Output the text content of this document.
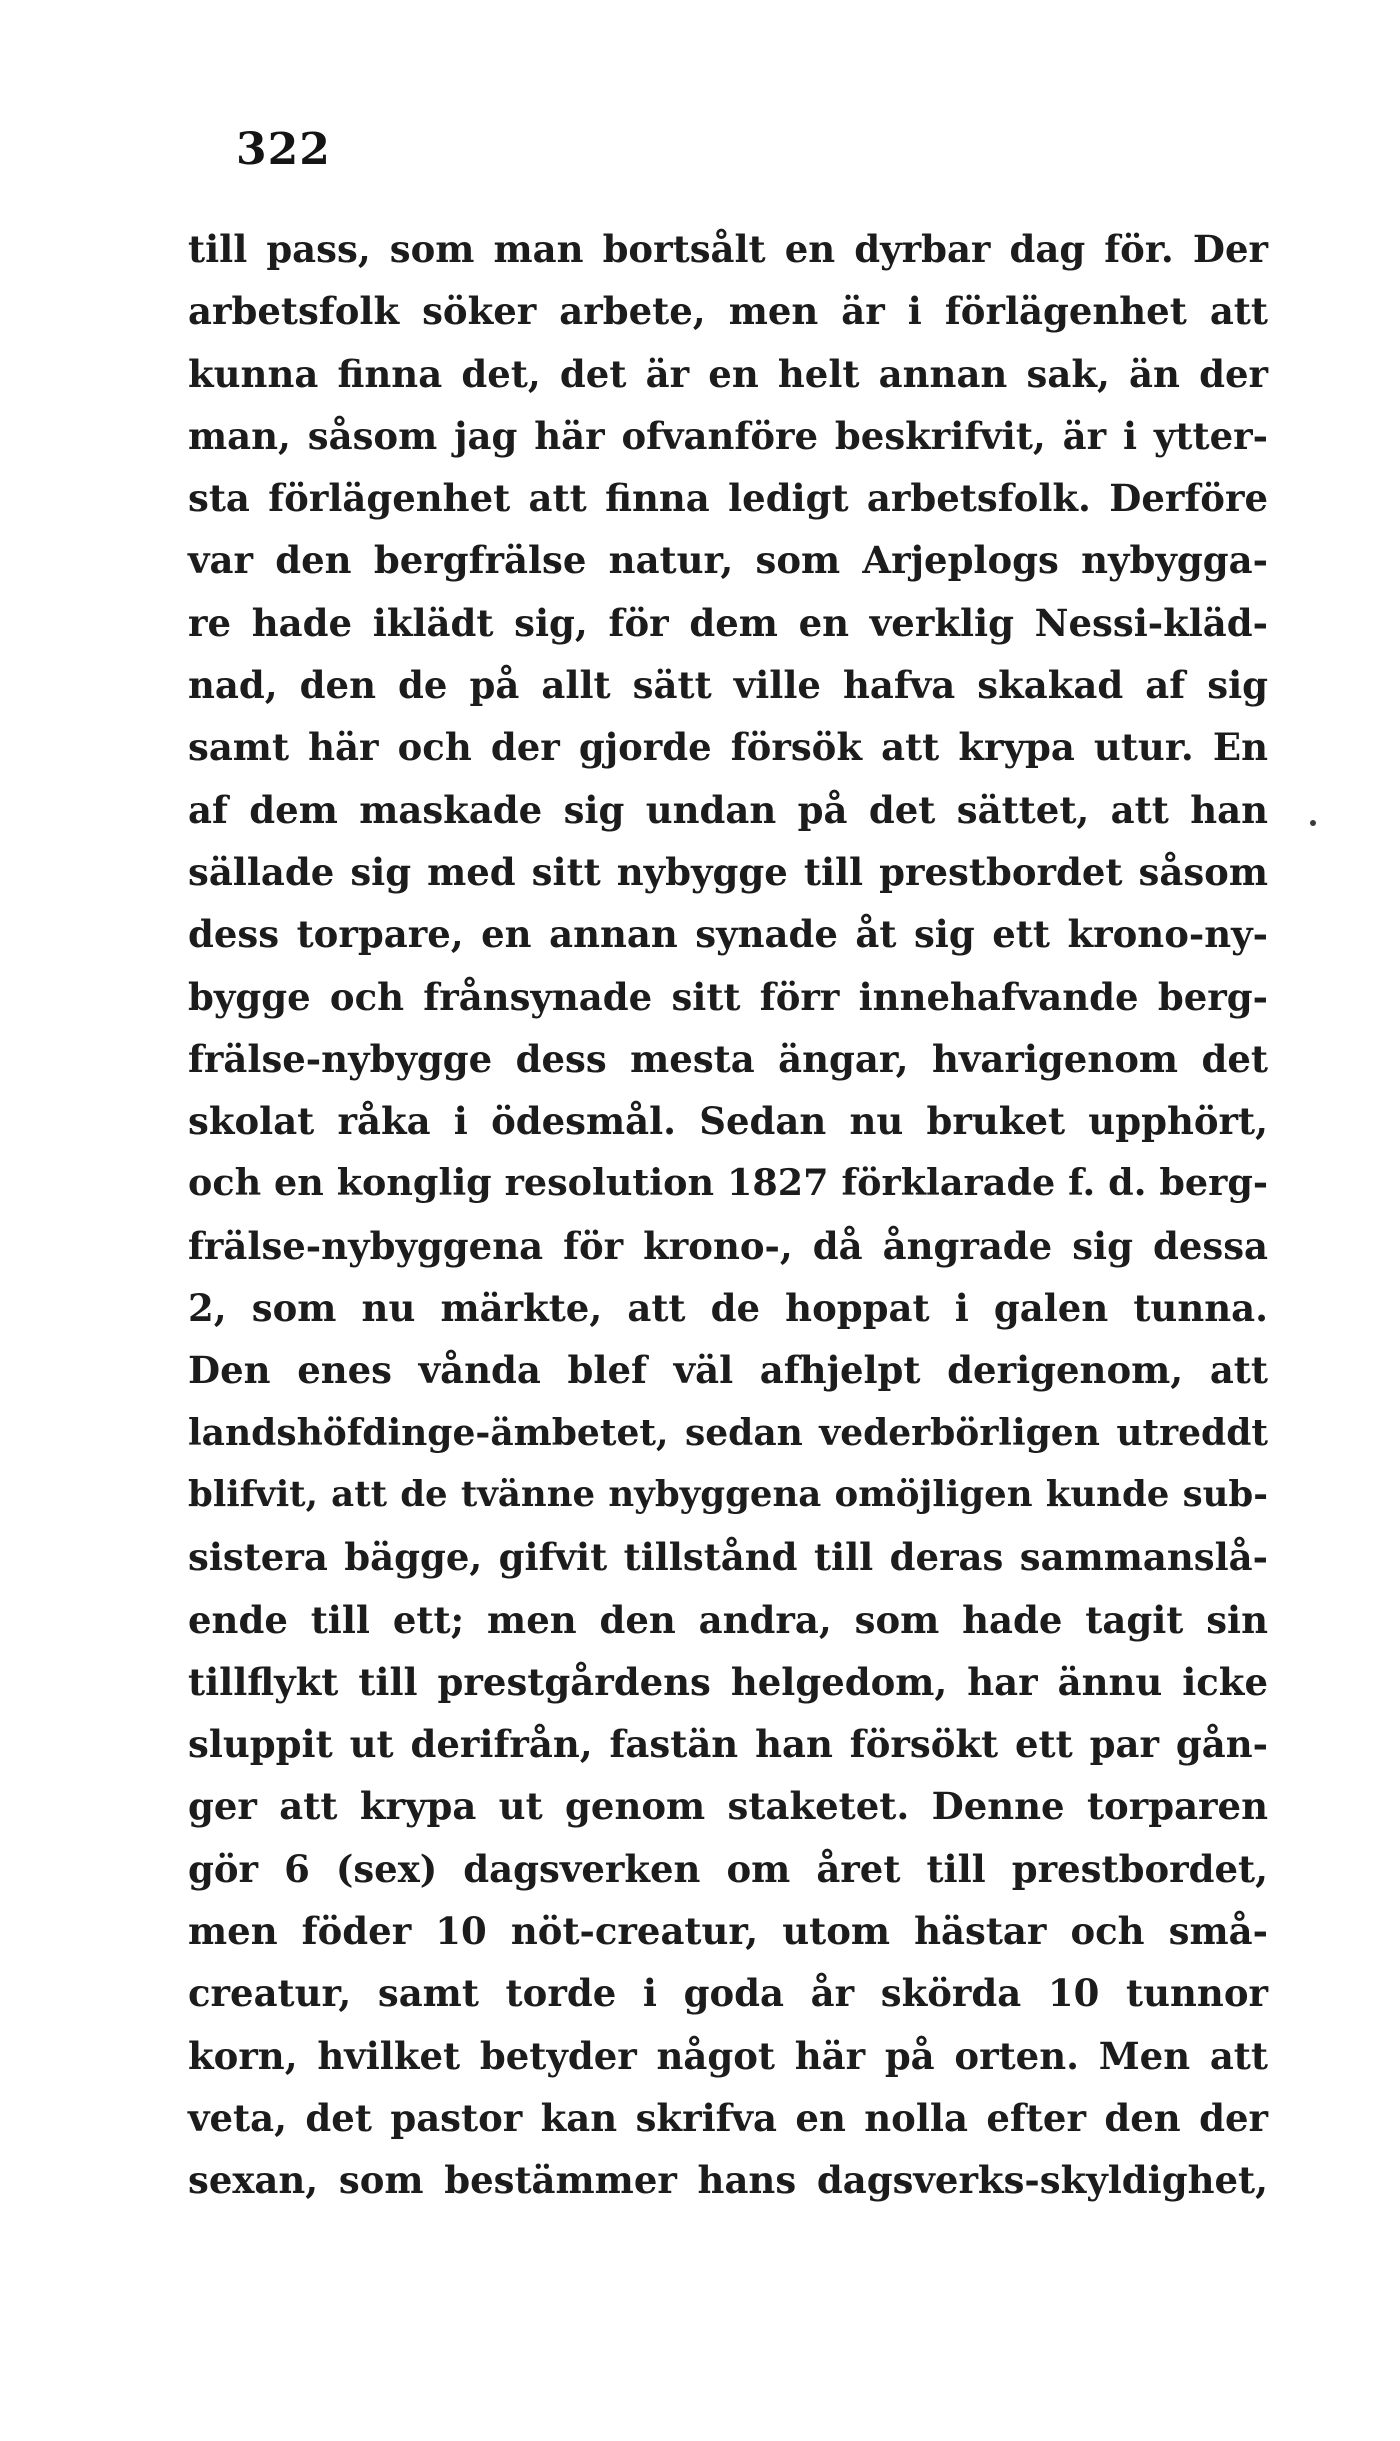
322
till pass, som man bortsålt en dyrbar dag för. Der
arbetsfolk söker arbete, men är i förlägenhet att
kunna finna det, det är en helt annan sak, än der
man, såsom jag här ofvanföre beskrifvit, är i ytter-
sta förlägenhet att finna ledigt arbetsfolk. Derföre
var den bergfrälse natur, som Arjeplogs nybygga-
re hade iklädt sig, för dem en verklig Nessi-kläd-
nad, den de på allt sätt ville hafva skakad af sig
samt här och der gjorde försök att krypa utur. En
af dem maskade sig undan på det sättet, att han
sällade sig med sitt nybygge till prestbordet såsom
dess torpare, en annan synade åt sig ett krono-ny-
bygge och frånsynade sitt förr innehafvande berg-
frälse-nybygge dess mesta ängar, hvarigenom det
skolat råka i ödesmål. Sedan nu bruket upphört,
och en konglig resolution 1827 förklarade f. d. berg-
frälse-nybyggena för krono-, då ångrade sig dessa
2, som nu märkte, att de hoppat i galen tunna.
Den enes vånda blef väl afhjelpt derigenom, att
landshöfdinge-ämbetet, sedan vederbörligen utreddt
blifvit, att de tvänne nybyggena omöjligen kunde sub-
sistera bägge, gifvit tillstånd till deras sammanslå-
ende till ett; men den andra, som hade tagit sin
tillflykt till prestgårdens helgedom, har ännu icke
sluppit ut derifrån, fastän han försökt ett par gån-
ger att krypa ut genom staketet. Denne torparen
gör 6 (sex) dagsverken om året till prestbordet,
men föder 10 nöt-creatur, utom hästar och små-
creatur, samt torde i goda år skörda 10 tunnor
korn, hvilket betyder något här på orten. Men att
veta, det pastor kan skrifva en nolla efter den der
sexan, som bestämmer hans dagsverks-skyldighet,
